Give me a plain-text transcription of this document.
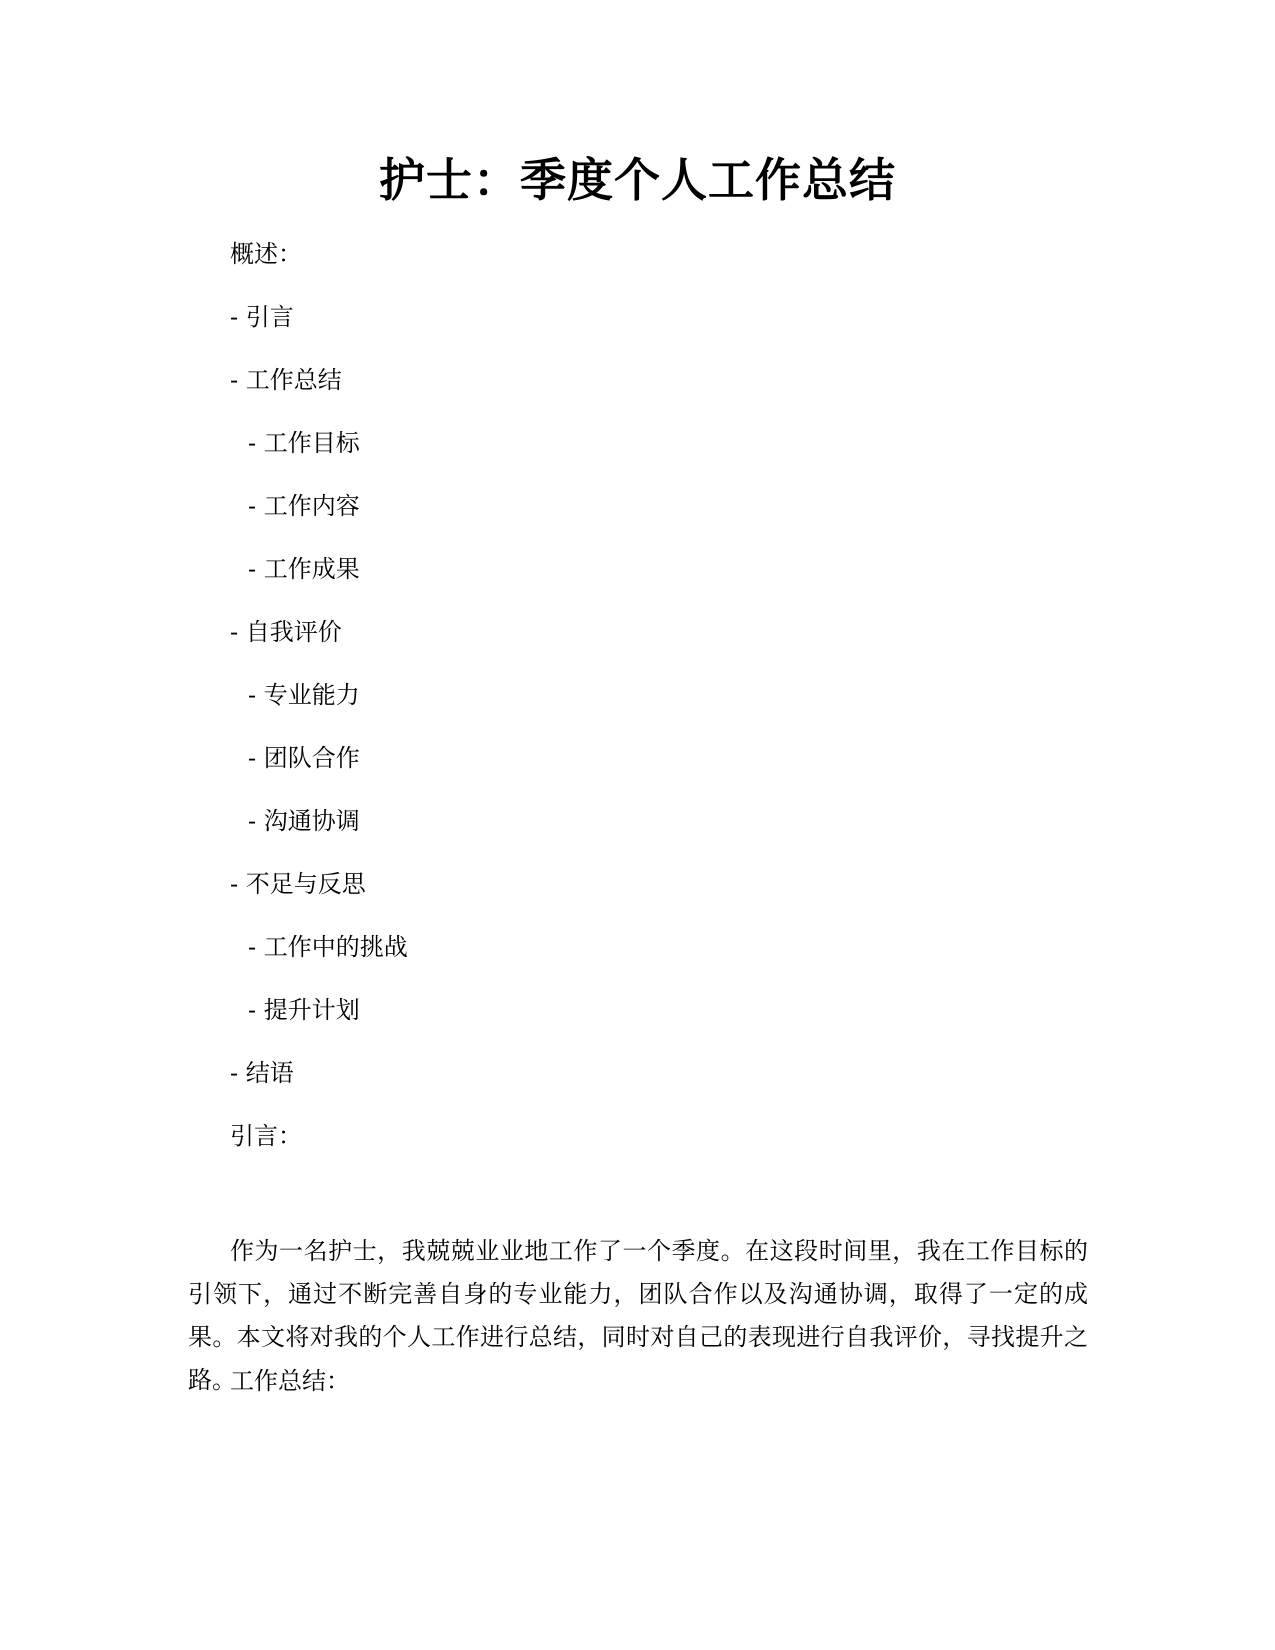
护士：季度个人工作总结
概述：
- 引言
- 工作总结
- 工作目标
- 工作内容
- 工作成果
- 自我评价
- 专业能力
- 团队合作
- 沟通协调
- 不足与反思
- 工作中的挑战
- 提升计划
- 结语
引言：
作为一名护士，我兢兢业业地工作了一个季度。在这段时间里，我在工作目标的引领下，通过不断完善自身的专业能力，团队合作以及沟通协调，取得了一定的成果。本文将对我的个人工作进行总结，同时对自己的表现进行自我评价，寻找提升之路。
工作总结：
